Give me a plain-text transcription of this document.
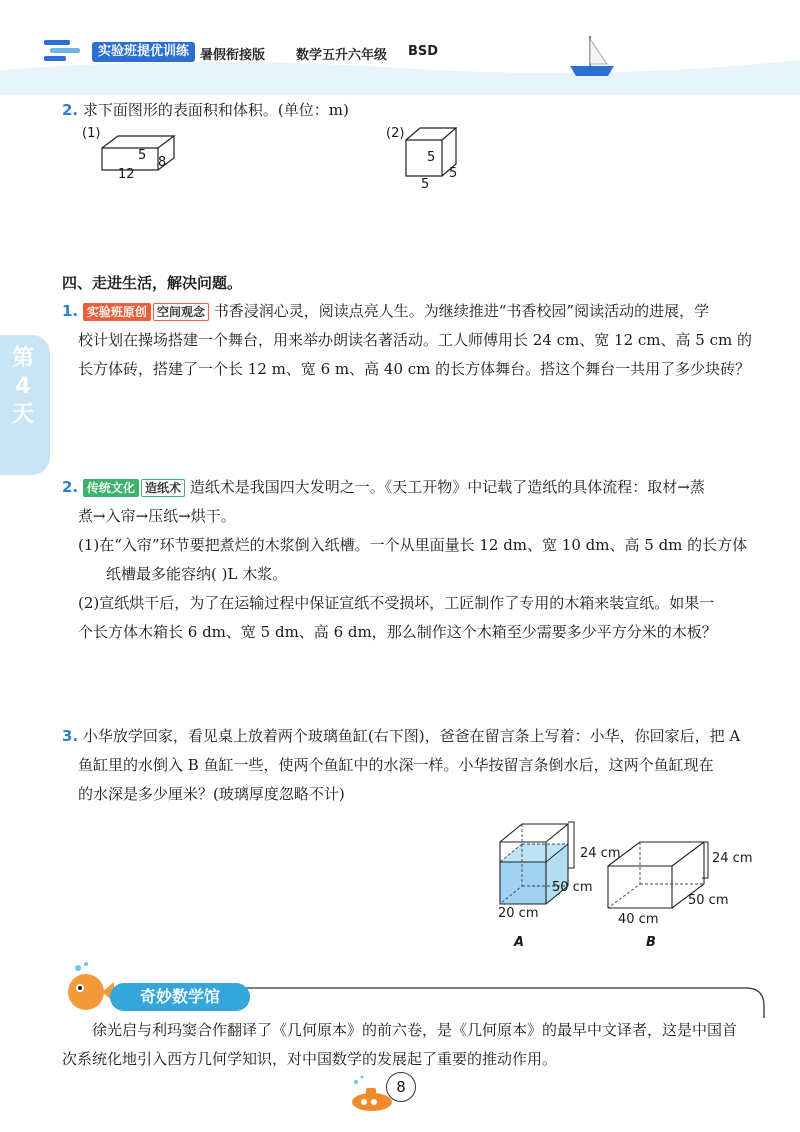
实验班提优训练 暑假衔接版 数学五升六年级 BSD
2. 求下面图形的表面积和体积。(单位：m)
(1)
5 8
12
(2)
5
5
5
四、走进生活，解决问题。
1. 实验班原创 空间观念 书香浸润心灵，阅读点亮人生。为继续推进“书香校园”阅读活动的进展，学
校计划在操场搭建一个舞台，用来举办朗读名著活动。工人师傅用长 24 cm、宽 12 cm、高 5 cm 的
长方体砖，搭建了一个长 12 m、宽 6 m、高 40 cm 的长方体舞台。搭这个舞台一共用了多少块砖？
第
4
天
2. 传统文化 造纸术 造纸术是我国四大发明之一。《天工开物》中记载了造纸的具体流程：取材→蒸
煮→入帘→压纸→烘干。
(1)在“入帘”环节要把煮烂的木浆倒入纸槽。一个从里面量长 12 dm、宽 10 dm、高 5 dm 的长方体
纸槽最多能容纳( )L 木浆。
(2)宣纸烘干后，为了在运输过程中保证宣纸不受损坏，工匠制作了专用的木箱来装宣纸。如果一
个长方体木箱长 6 dm、宽 5 dm、高 6 dm，那么制作这个木箱至少需要多少平方分米的木板？
3. 小华放学回家，看见桌上放着两个玻璃鱼缸(右下图)，爸爸在留言条上写着：小华，你回家后，把 A
鱼缸里的水倒入 B 鱼缸一些，使两个鱼缸中的水深一样。小华按留言条倒水后，这两个鱼缸现在
的水深是多少厘米？(玻璃厚度忽略不计)
24 cm
50 cm
20 cm
A
24 cm
50 cm
40 cm
B
奇妙数学馆
徐光启与利玛窦合作翻译了《几何原本》的前六卷，是《几何原本》的最早中文译者，这是中国首
次系统化地引入西方几何学知识，对中国数学的发展起了重要的推动作用。
8
